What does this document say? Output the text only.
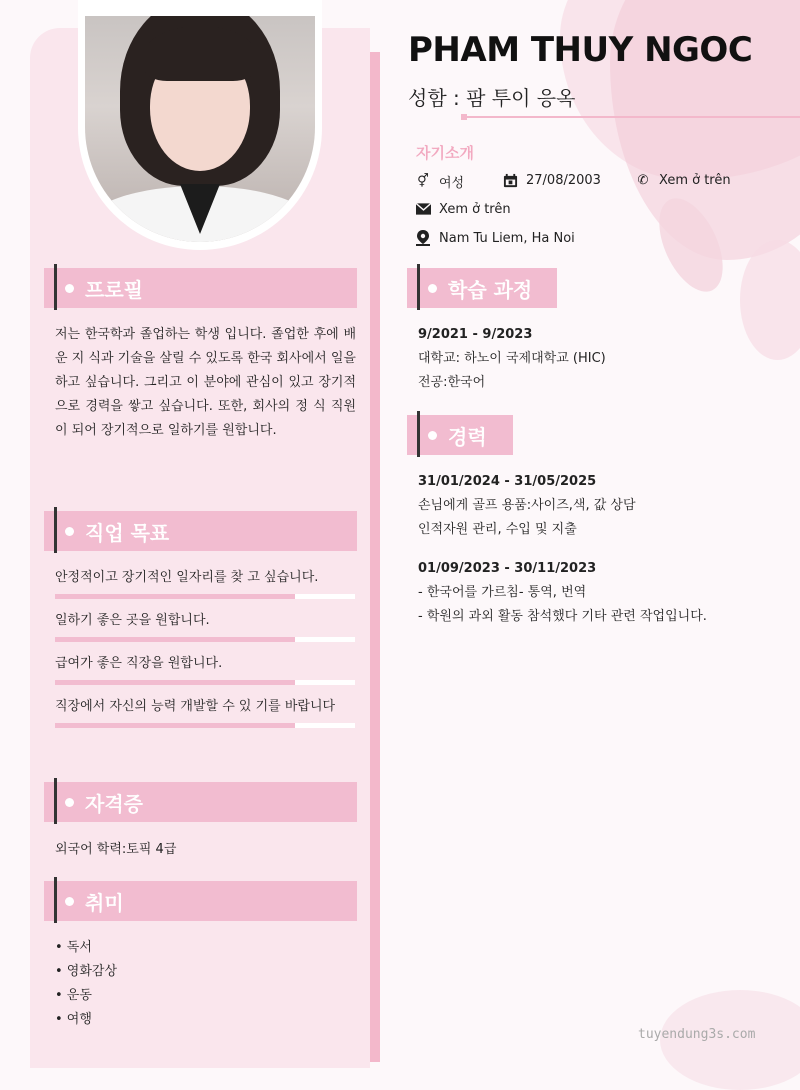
프로필
저는 한국학과 졸업하는 학생 입니다. 졸업한 후에 배 운 지 식과 기술을 살릴 수 있도록 한국 회사에서 일을 하고 싶습니다. 그리고 이 분야에 관심이 있고 장기적 으로 경력을 쌓고 싶습니다. 또한, 회사의 정 식 직원 이 되어 장기적으로 일하기를 원합니다.
직업 목표
안정적이고 장기적인 일자리를 찾 고 싶습니다.
일하기 좋은 곳을 원합니다.
급여가 좋은 직장을 원합니다.
직장에서 자신의 능력 개발할 수 있 기를 바랍니다
자격증
외국어 학력:토픽 4급
취미
• 독서
• 영화감상
• 운동
• 여행
PHAM THUY NGOC
성함 : 팜 투이 응옥
자기소개
⚥ 여성	27/08/2003	✆ Xem ở trên
Xem ở trên
Nam Tu Liem, Ha Noi
학습 과정
9/2021 - 9/2023
대학교: 하노이 국제대학교 (HIC)
전공:한국어
경력
31/01/2024 - 31/05/2025
손님에게 골프 용품:사이즈,색, 값 상담
인적자원 관리, 수입 및 지출
01/09/2023 - 30/11/2023
- 한국어를 가르침- 통역, 번역
- 학원의 과외 활동 참석했다 기타 관련 작업입니다.
tuyendung3s.com
